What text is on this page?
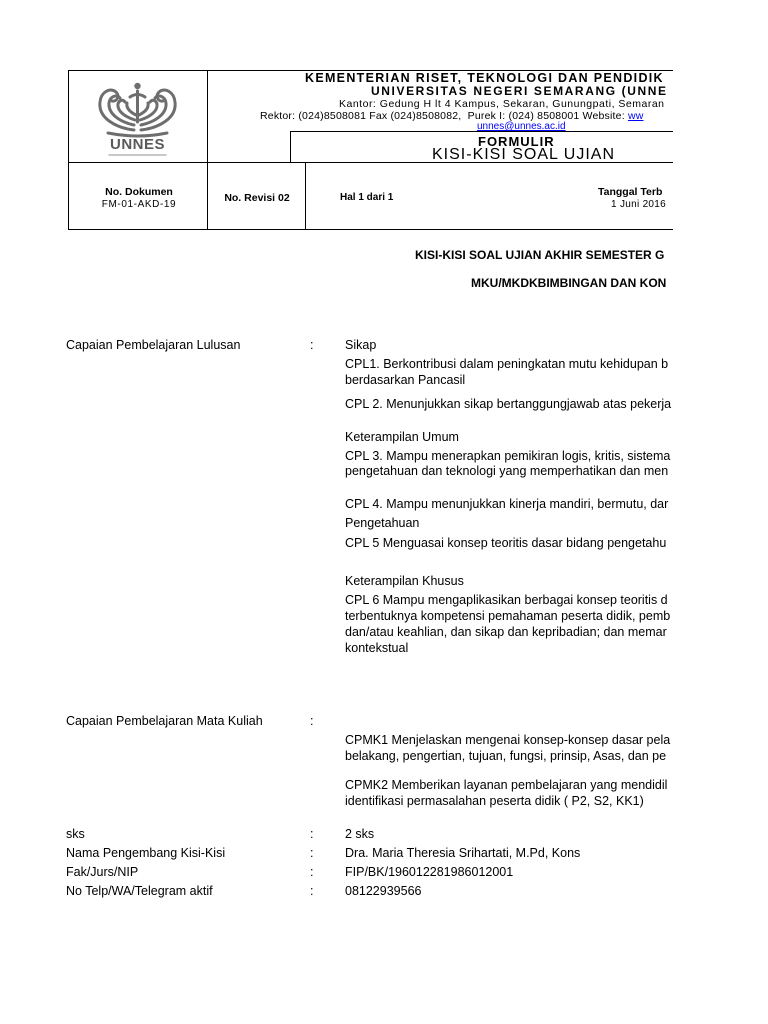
UNNES
KEMENTERIAN RISET, TEKNOLOGI DAN PENDIDIK
UNIVERSITAS NEGERI SEMARANG (UNNE
Kantor: Gedung H lt 4 Kampus, Sekaran, Gunungpati, Semaran
Rektor: (024)8508081 Fax (024)8508082,  Purek I: (024) 8508001 Website: ww
unnes@unnes.ac.id
FORMULIR
KISI-KISI SOAL UJIAN
No. Dokumen
FM-01-AKD-19
No. Revisi 02	Hal 1 dari 1	Tanggal Terb
1 Juni 2016
KISI-KISI SOAL UJIAN AKHIR SEMESTER G
MKU/MKDKBIMBINGAN DAN KON
Capaian Pembelajaran Lulusan	:	Sikap
CPL1. Berkontribusi dalam peningkatan mutu kehidupan b
berdasarkan Pancasil
CPL 2. Menunjukkan sikap bertanggungjawab atas pekerja
Keterampilan Umum
CPL 3. Mampu menerapkan pemikiran logis, kritis, sistema
pengetahuan dan teknologi yang memperhatikan dan men
CPL 4. Mampu menunjukkan kinerja mandiri, bermutu, dar
Pengetahuan
CPL 5 Menguasai konsep teoritis dasar bidang pengetahu
Keterampilan Khusus
CPL 6 Mampu mengaplikasikan berbagai konsep teoritis d
terbentuknya kompetensi pemahaman peserta didik, pemb
dan/atau keahlian, dan sikap dan kepribadian; dan memar
kontekstual
Capaian Pembelajaran Mata Kuliah	:
CPMK1 Menjelaskan mengenai konsep-konsep dasar pela
belakang, pengertian, tujuan, fungsi, prinsip, Asas, dan pe
CPMK2 Memberikan layanan pembelajaran yang mendidil
identifikasi permasalahan peserta didik ( P2, S2, KK1)
sks	:	2 sks
Nama Pengembang Kisi-Kisi	:	Dra. Maria Theresia Srihartati, M.Pd, Kons
Fak/Jurs/NIP	:	FIP/BK/196012281986012001
No Telp/WA/Telegram aktif	:	08122939566
